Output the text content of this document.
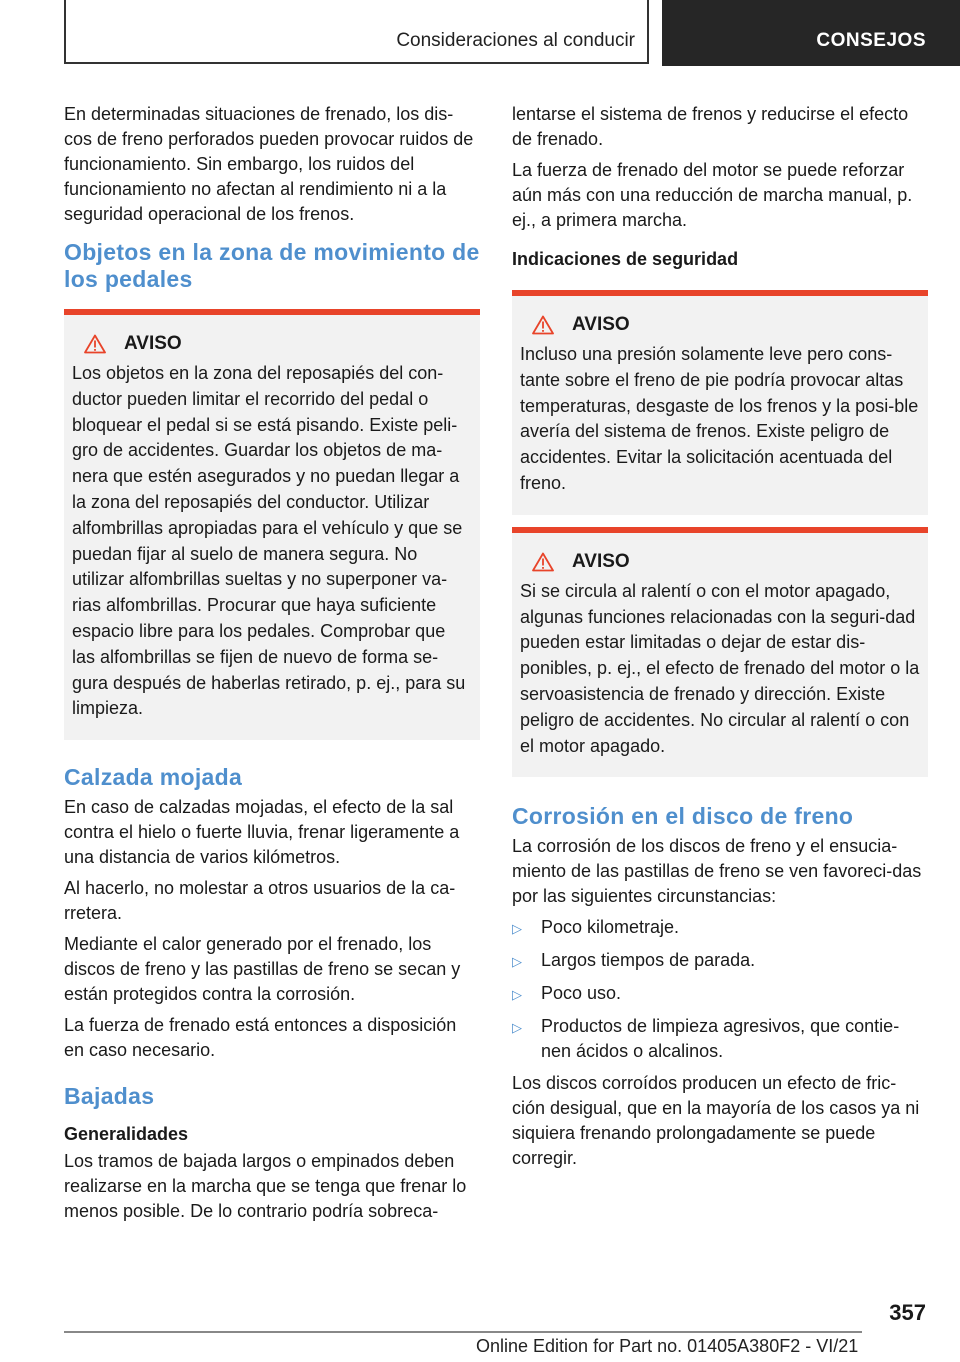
Consideraciones al conducir	CONSEJOS

En determinadas situaciones de frenado, los dis-cos de freno perforados pueden provocar ruidos de funcionamiento. Sin embargo, los ruidos del funcionamiento no afectan al rendimiento ni a la seguridad operacional de los frenos.

Objetos en la zona de movimiento de los pedales
AVISO

Los objetos en la zona del reposapiés del con-ductor pueden limitar el recorrido del pedal o bloquear el pedal si se está pisando. Existe peli-gro de accidentes. Guardar los objetos de ma-nera que estén asegurados y no puedan llegar a la zona del reposapiés del conductor. Utilizar alfombrillas apropiadas para el vehículo y que se puedan fijar al suelo de manera segura. No utilizar alfombrillas sueltas y no superponer va-rias alfombrillas. Procurar que haya suficiente espacio libre para los pedales. Comprobar que las alfombrillas se fijen de nuevo de forma se-gura después de haberlas retirado, p. ej., para su limpieza.

Calzada mojada

En caso de calzadas mojadas, el efecto de la sal contra el hielo o fuerte lluvia, frenar ligeramente a una distancia de varios kilómetros.

Al hacerlo, no molestar a otros usuarios de la ca-rretera.

Mediante el calor generado por el frenado, los discos de freno y las pastillas de freno se secan y están protegidos contra la corrosión.

La fuerza de frenado está entonces a disposición en caso necesario.

Bajadas
Generalidades

Los tramos de bajada largos o empinados deben realizarse en la marcha que se tenga que frenar lo menos posible. De lo contrario podría sobreca-

lentarse el sistema de frenos y reducirse el efecto de frenado.

La fuerza de frenado del motor se puede reforzar aún más con una reducción de marcha manual, p. ej., a primera marcha.

Indicaciones de seguridad
AVISO

Incluso una presión solamente leve pero cons-tante sobre el freno de pie podría provocar altas temperaturas, desgaste de los frenos y la posi-ble avería del sistema de frenos. Existe peligro de accidentes. Evitar la solicitación acentuada del freno.

AVISO

Si se circula al ralentí o con el motor apagado, algunas funciones relacionadas con la seguri-dad pueden estar limitadas o dejar de estar dis-ponibles, p. ej., el efecto de frenado del motor o la servoasistencia de frenado y dirección. Existe peligro de accidentes. No circular al ralentí o con el motor apagado.

Corrosión en el disco de freno

La corrosión de los discos de freno y el ensucia-miento de las pastillas de freno se ven favoreci-das por las siguientes circunstancias:

▷	Poco kilometraje.
▷	Largos tiempos de parada.
▷	Poco uso.
▷	Productos de limpieza agresivos, que contie-nen ácidos o alcalinos.

Los discos corroídos producen un efecto de fric-ción desigual, que en la mayoría de los casos ya ni siquiera frenando prolongadamente se puede corregir.

357
Online Edition for Part no. 01405A380F2 - VI/21
